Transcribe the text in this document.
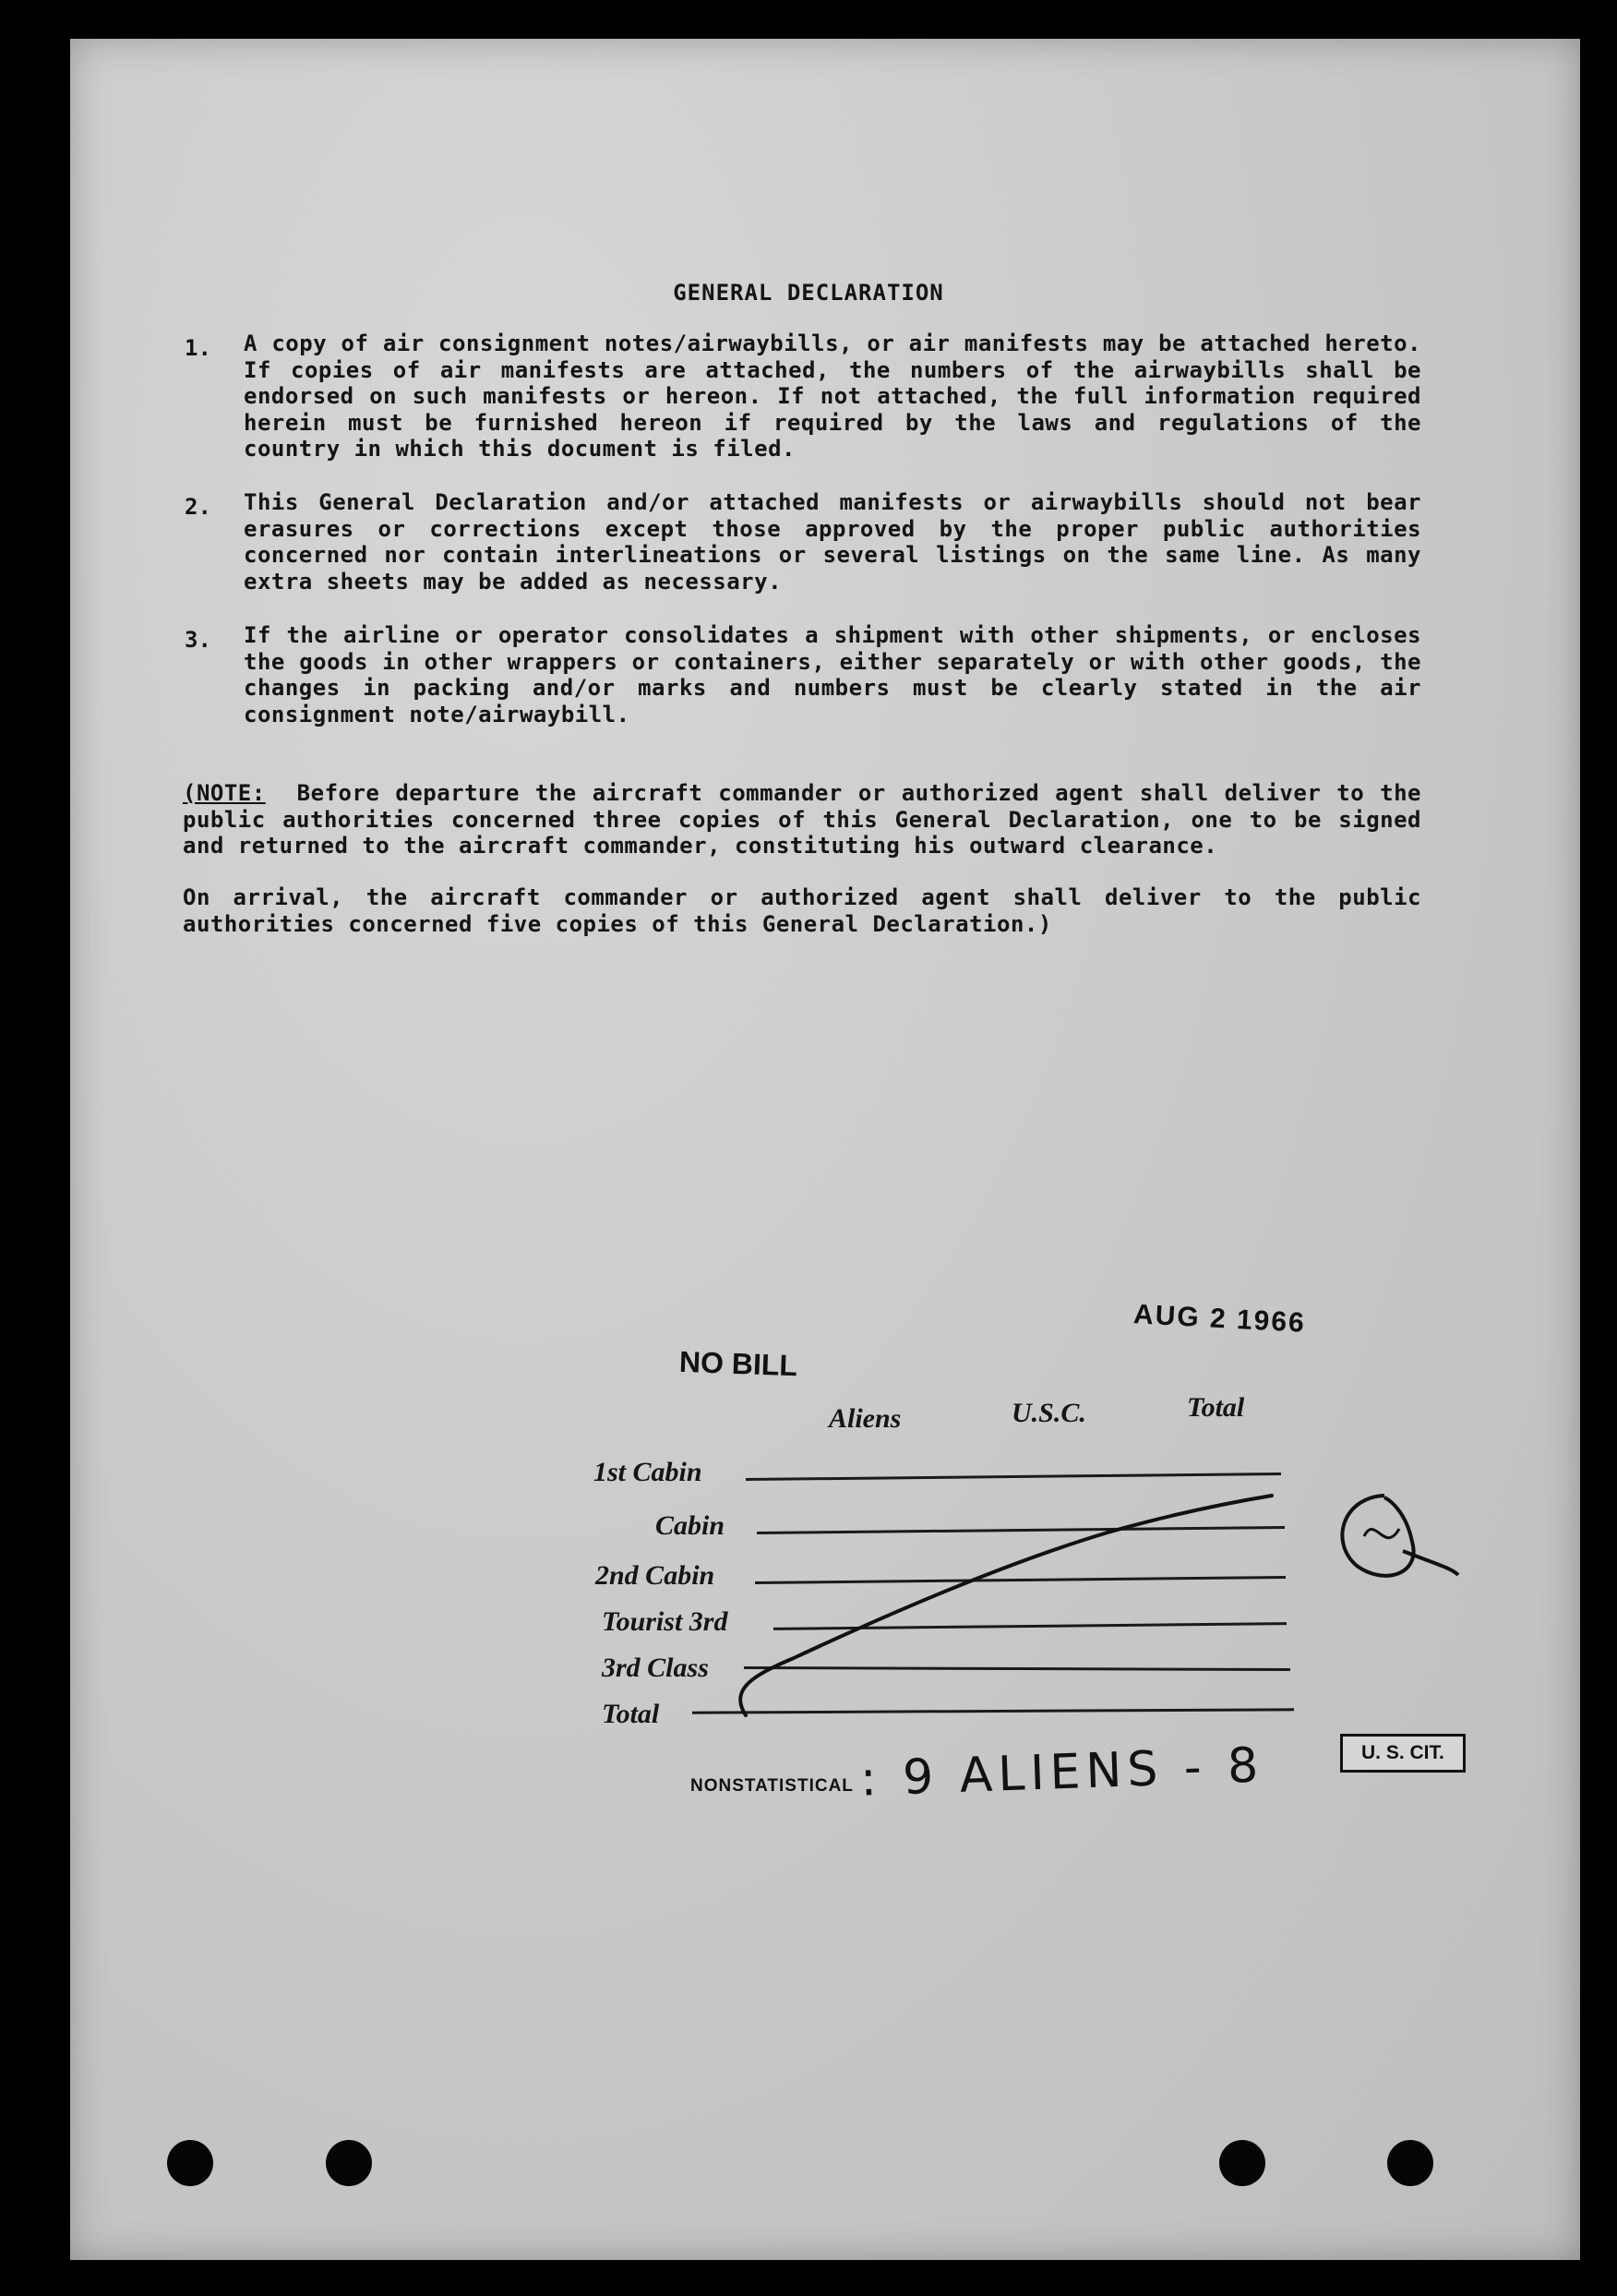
GENERAL DECLARATION
1. A copy of air consignment notes/airwaybills, or air manifests may be attached hereto. If copies of air manifests are attached, the numbers of the airwaybills shall be endorsed on such manifests or hereon. If not attached, the full information required herein must be furnished hereon if required by the laws and regulations of the country in which this document is filed.
2. This General Declaration and/or attached manifests or airwaybills should not bear erasures or corrections except those approved by the proper public authorities concerned nor contain interlineations or several listings on the same line. As many extra sheets may be added as necessary.
3. If the airline or operator consolidates a shipment with other shipments, or encloses the goods in other wrappers or containers, either separately or with other goods, the changes in packing and/or marks and numbers must be clearly stated in the air consignment note/airwaybill.
(NOTE: Before departure the aircraft commander or authorized agent shall deliver to the public authorities concerned three copies of this General Declaration, one to be signed and returned to the aircraft commander, constituting his outward clearance.
On arrival, the aircraft commander or authorized agent shall deliver to the public authorities concerned five copies of this General Declaration.)
AUG 2 1966
NO BILL
Aliens	U.S.C.	Total
1st Cabin
Cabin
2nd Cabin
Tourist 3rd
3rd Class
Total
NONSTATISTICAL : 9 ALIENS - 8	U. S. CIT.
